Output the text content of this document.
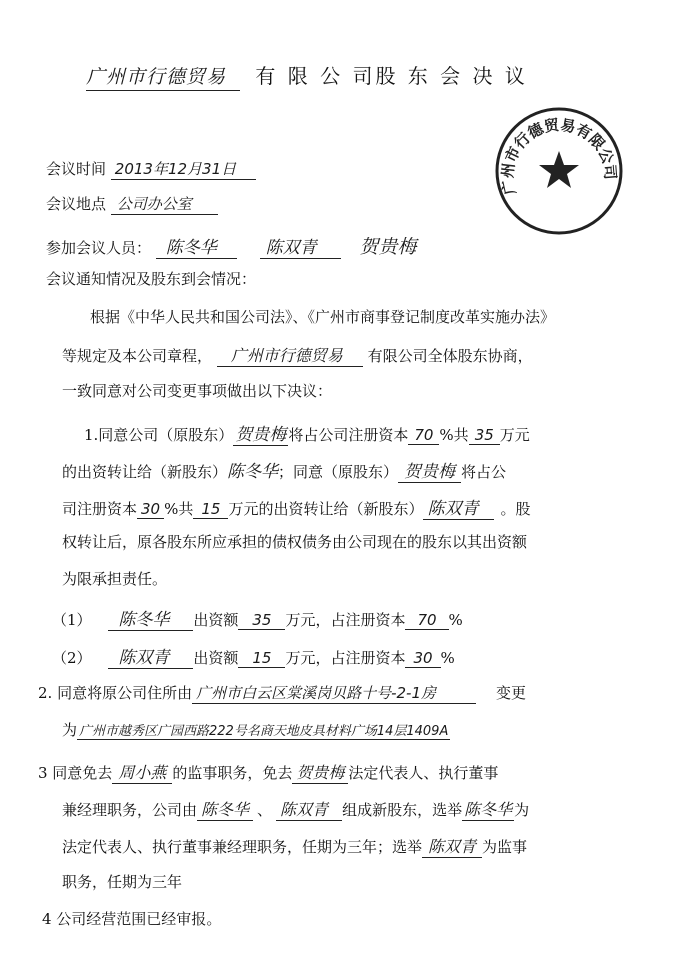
广州市行德贸易 有 限 公 司股 东 会 决 议
广州市行德贸易有限公司
会议时间 2013年12月31日
会议地点 公司办公室
参加会议人员： 陈冬华	陈双青 贺贵梅
会议通知情况及股东到会情况：
根据《中华人民共和国公司法》、《广州市商事登记制度改革实施办法》
等规定及本公司章程， 广州市行德贸易 有限公司全体股东协商，
一致同意对公司变更事项做出以下决议：
1.同意公司（原股东） 贺贵梅 将占公司注册资本 70 %共 35 万元
的出资转让给（新股东）陈冬华；同意（原股东） 贺贵梅 将占公
司注册资本 30 %共 15 万元的出资转让给（新股东） 陈双青 。股
权转让后，原各股东所应承担的债权债务由公司现在的股东以其出资额
为限承担责任。
（1） 陈冬华 出资额 35 万元，占注册资本 70 %
（2） 陈双青 出资额 15 万元，占注册资本 30 %
2. 同意将原公司住所由 广州市白云区棠溪岗贝路十号-2-1房	变更
为 广州市越秀区广园西路222号名商天地皮具材料广场14层1409A
3 同意免去 周小燕 的监事职务，免去 贺贵梅 法定代表人、执行董事
兼经理职务，公司由 陈冬华 、 陈双青 组成新股东，选举 陈冬华 为
法定代表人、执行董事兼经理职务，任期为三年；选举 陈双青 为监事
职务，任期为三年
4 公司经营范围已经审报。
